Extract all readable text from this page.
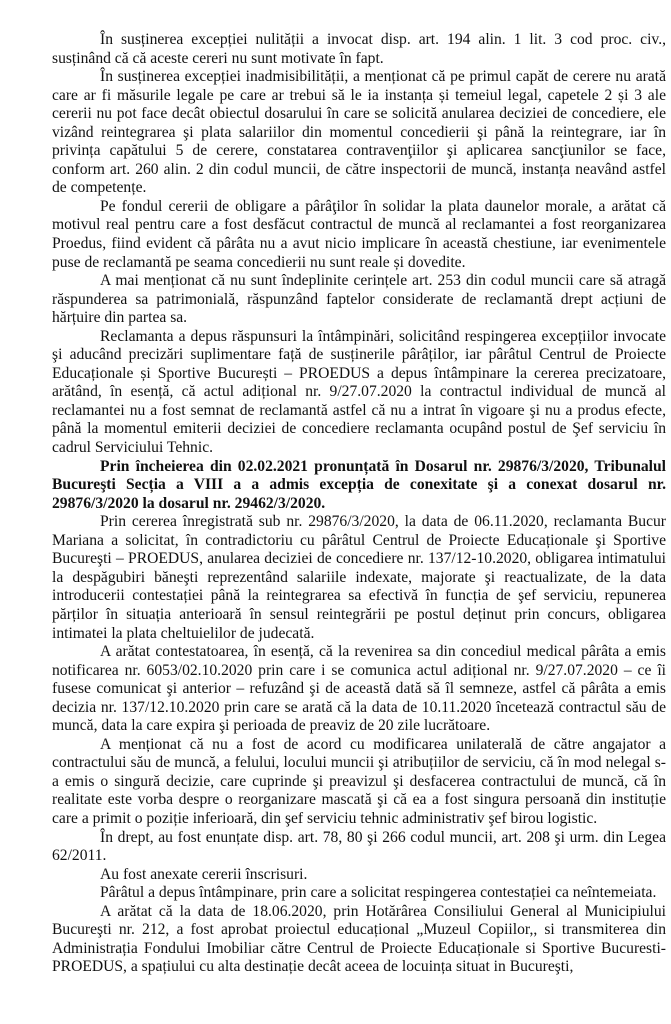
În susținerea excepției nulității a invocat disp. art. 194 alin. 1 lit. 3 cod proc. civ., susținând că că aceste cereri nu sunt motivate în fapt.

În susținerea excepției inadmisibilității, a menționat că pe primul capăt de cerere nu arată care ar fi măsurile legale pe care ar trebui să le ia instanța și temeiul legal, capetele 2 și 3 ale cererii nu pot face decât obiectul dosarului în care se solicită anularea deciziei de concediere, ele vizând reintegrarea şi plata salariilor din momentul concedierii şi până la reintegrare, iar în privința capătului 5 de cerere, constatarea contravenţiilor şi aplicarea sancţiunilor se face, conform art. 260 alin. 2 din codul muncii, de către inspectorii de muncă, instanța neavând astfel de competențe.

Pe fondul cererii de obligare a pârâţilor în solidar la plata daunelor morale, a arătat că motivul real pentru care a fost desfăcut contractul de muncă al reclamantei a fost reorganizarea Proedus, fiind evident că pârâta nu a avut nicio implicare în această chestiune, iar evenimentele puse de reclamantă pe seama concedierii nu sunt reale și dovedite.

A mai menționat că nu sunt îndeplinite cerințele art. 253 din codul muncii care să atragă răspunderea sa patrimonială, răspunzând faptelor considerate de reclamantă drept acțiuni de hărțuire din partea sa.

Reclamanta a depus răspunsuri la întâmpinări, solicitând respingerea excepțiilor invocate şi aducând precizări suplimentare față de susținerile pârâților, iar pârâtul Centrul de Proiecte Educaționale și Sportive București – PROEDUS a depus întâmpinare la cererea precizatoare, arătând, în esență, că actul adițional nr. 9/27.07.2020 la contractul individual de muncă al reclamantei nu a fost semnat de reclamantă astfel că nu a intrat în vigoare şi nu a produs efecte, până la momentul emiterii deciziei de concediere reclamanta ocupând postul de Şef serviciu în cadrul Serviciului Tehnic.

Prin încheierea din 02.02.2021 pronunțată în Dosarul nr. 29876/3/2020, Tribunalul Bucureşti Secția a VIII a a admis excepția de conexitate şi a conexat dosarul nr. 29876/3/2020 la dosarul nr. 29462/3/2020.

Prin cererea înregistrată sub nr. 29876/3/2020, la data de 06.11.2020, reclamanta Bucur Mariana a solicitat, în contradictoriu cu pârâtul Centrul de Proiecte Educaționale şi Sportive Bucureşti – PROEDUS, anularea deciziei de concediere nr. 137/12-10.2020, obligarea intimatului la despăgubiri băneşti reprezentând salariile indexate, majorate şi reactualizate, de la data introducerii contestației până la reintegrarea sa efectivă în funcția de şef serviciu, repunerea părților în situația anterioară în sensul reintegrării pe postul deținut prin concurs, obligarea intimatei la plata cheltuielilor de judecată.

A arătat contestatoarea, în esență, că la revenirea sa din concediul medical pârâta a emis notificarea nr. 6053/02.10.2020 prin care i se comunica actul adițional nr. 9/27.07.2020 – ce îi fusese comunicat şi anterior – refuzând şi de această dată să îl semneze, astfel că pârâta a emis decizia nr. 137/12.10.2020 prin care se arată că la data de 10.11.2020 încetează contractul său de muncă, data la care expira şi perioada de preaviz de 20 zile lucrătoare.

A menționat că nu a fost de acord cu modificarea unilaterală de către angajator a contractului său de muncă, a felului, locului muncii şi atribuțiilor de serviciu, că în mod nelegal s-a emis o singură decizie, care cuprinde şi preavizul şi desfacerea contractului de muncă, că în realitate este vorba despre o reorganizare mascată şi că ea a fost singura persoană din instituție care a primit o poziție inferioară, din şef serviciu tehnic administrativ şef birou logistic.

În drept, au fost enunțate disp. art. 78, 80 şi 266 codul muncii, art. 208 şi urm. din Legea 62/2011.

Au fost anexate cererii înscrisuri.

Pârâtul a depus întâmpinare, prin care a solicitat respingerea contestației ca neîntemeiata.

A arătat că la data de 18.06.2020, prin Hotărârea Consiliului General al Municipiului Bucureşti nr. 212, a fost aprobat proiectul educațional „Muzeul Copiilor,, si transmiterea din Administrația Fondului Imobiliar către Centrul de Proiecte Educaționale si Sportive Bucuresti-PROEDUS, a spațiului cu alta destinație decât aceea de locuința situat in Bucureşti,
